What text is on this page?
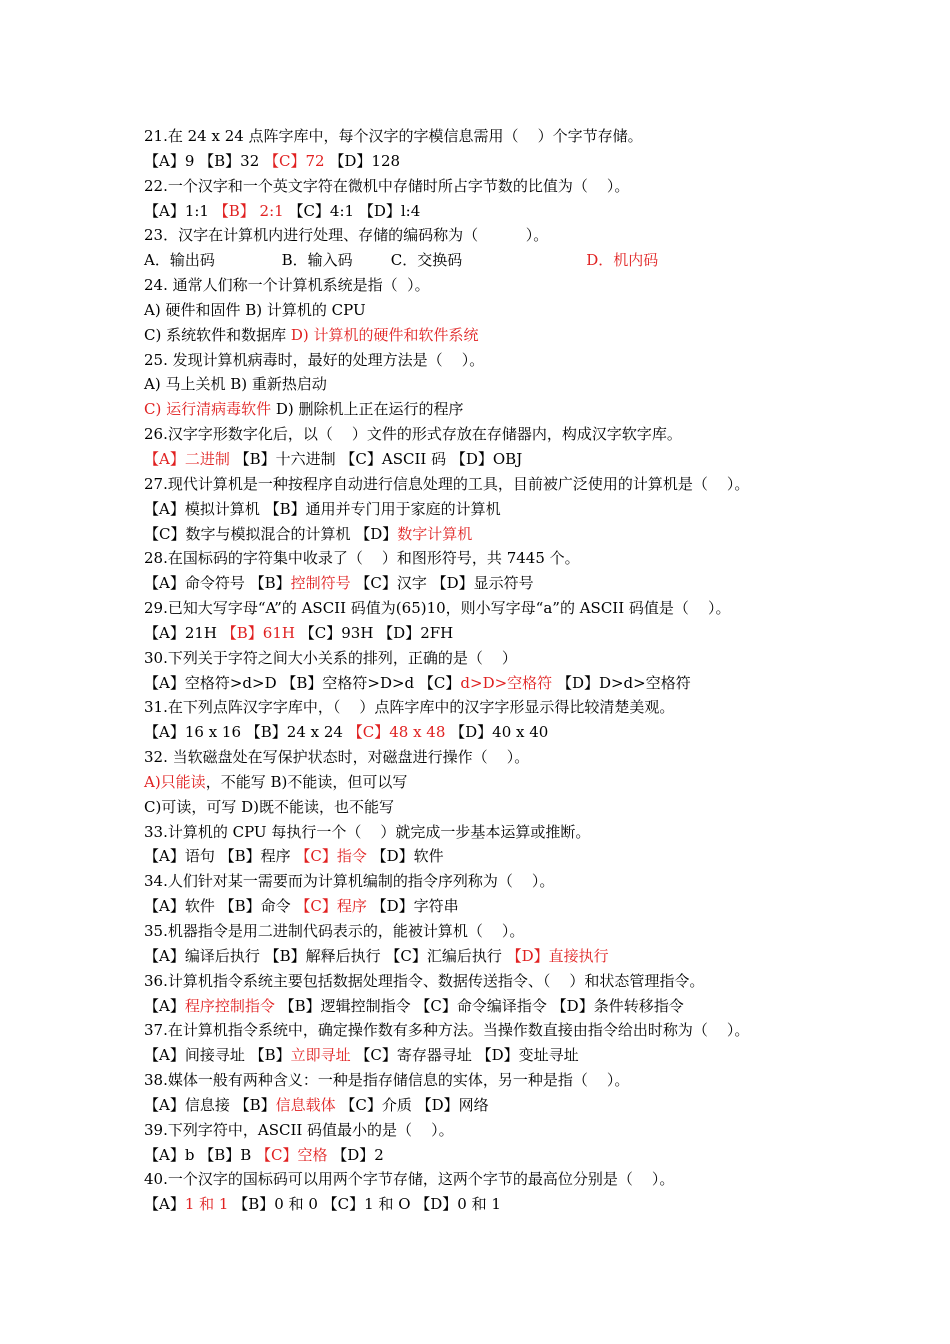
21.在 24 x 24 点阵字库中，每个汉字的字模信息需用（    ）个字节存储。
【A】9 【B】32 【C】72 【D】128
22.一个汉字和一个英文字符在微机中存储时所占字节数的比值为（    ）。
【A】1:1 【B】 2:1 【C】4:1 【D】l:4
23．汉字在计算机内进行处理、存储的编码称为（          ）。
A．输出码              B．输入码        C．交换码                          D．机内码
24. 通常人们称一个计算机系统是指（  ）。
A) 硬件和固件 B) 计算机的 CPU
C) 系统软件和数据库 D) 计算机的硬件和软件系统
25. 发现计算机病毒时，最好的处理方法是（    ）。
A) 马上关机 B) 重新热启动
C) 运行清病毒软件 D) 删除机上正在运行的程序
26.汉字字形数字化后，以（    ）文件的形式存放在存储器内，构成汉字软字库。
【A】二进制 【B】十六进制 【C】ASCII 码 【D】OBJ
27.现代计算机是一种按程序自动进行信息处理的工具，目前被广泛使用的计算机是（    ）。
【A】模拟计算机 【B】通用并专门用于家庭的计算机
【C】数字与模拟混合的计算机 【D】数字计算机
28.在国标码的字符集中收录了（    ）和图形符号，共 7445 个。
【A】命令符号 【B】控制符号 【C】汉字 【D】显示符号
29.已知大写字母“A”的 ASCII 码值为(65)10，则小写字母“a”的 ASCII 码值是（    ）。
【A】21H 【B】61H 【C】93H 【D】2FH
30.下列关于字符之间大小关系的排列，正确的是（    ）
【A】空格符>d>D 【B】空格符>D>d 【C】d>D>空格符 【D】D>d>空格符
31.在下列点阵汉字字库中，（    ）点阵字库中的汉字字形显示得比较清楚美观。
【A】16 x 16 【B】24 x 24 【C】48 x 48 【D】40 x 40
32. 当软磁盘处在写保护状态时，对磁盘进行操作（    ）。
A)只能读，不能写 B)不能读，但可以写
C)可读，可写 D)既不能读，也不能写
33.计算机的 CPU 每执行一个（    ）就完成一步基本运算或推断。
【A】语句 【B】程序 【C】指令 【D】软件
34.人们针对某一需要而为计算机编制的指令序列称为（    ）。
【A】软件 【B】命令 【C】程序 【D】字符串
35.机器指令是用二进制代码表示的，能被计算机（    ）。
【A】编译后执行 【B】解释后执行 【C】汇编后执行 【D】直接执行
36.计算机指令系统主要包括数据处理指令、数据传送指令、（    ）和状态管理指令。
【A】程序控制指令 【B】逻辑控制指令 【C】命令编译指令 【D】条件转移指令
37.在计算机指令系统中，确定操作数有多种方法。当操作数直接由指令给出时称为（    ）。
【A】间接寻址 【B】立即寻址 【C】寄存器寻址 【D】变址寻址
38.媒体一般有两种含义：一种是指存储信息的实体，另一种是指（    ）。
【A】信息接 【B】信息载体 【C】介质 【D】网络
39.下列字符中，ASCII 码值最小的是（    ）。
【A】b 【B】B 【C】空格 【D】2
40.一个汉字的国标码可以用两个字节存储，这两个字节的最高位分别是（    ）。
【A】1 和 1 【B】0 和 0 【C】1 和 O 【D】0 和 1
